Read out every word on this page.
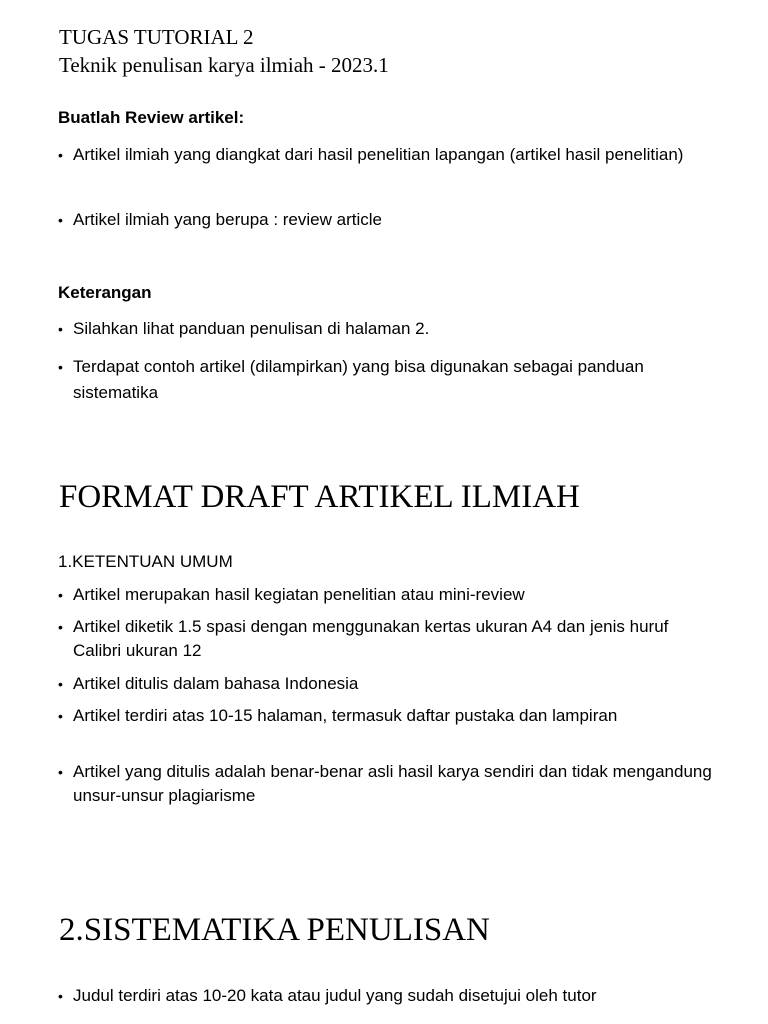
TUGAS TUTORIAL 2
Teknik penulisan karya ilmiah - 2023.1
Buatlah Review artikel:
• Artikel ilmiah yang diangkat dari hasil penelitian lapangan (artikel hasil penelitian)
• Artikel ilmiah yang berupa : review article
Keterangan
• Silahkan lihat panduan penulisan di halaman 2.
• Terdapat contoh artikel (dilampirkan) yang bisa digunakan sebagai panduan sistematika
FORMAT DRAFT ARTIKEL ILMIAH
1.KETENTUAN UMUM
• Artikel merupakan hasil kegiatan penelitian atau mini-review
• Artikel diketik 1.5 spasi dengan menggunakan kertas ukuran A4 dan jenis huruf Calibri ukuran 12
• Artikel ditulis dalam bahasa Indonesia
• Artikel terdiri atas 10-15 halaman, termasuk daftar pustaka dan lampiran
• Artikel yang ditulis adalah benar-benar asli hasil karya sendiri dan tidak mengandung unsur-unsur plagiarisme
2.SISTEMATIKA PENULISAN
• Judul terdiri atas 10-20 kata atau judul yang sudah disetujui oleh tutor
